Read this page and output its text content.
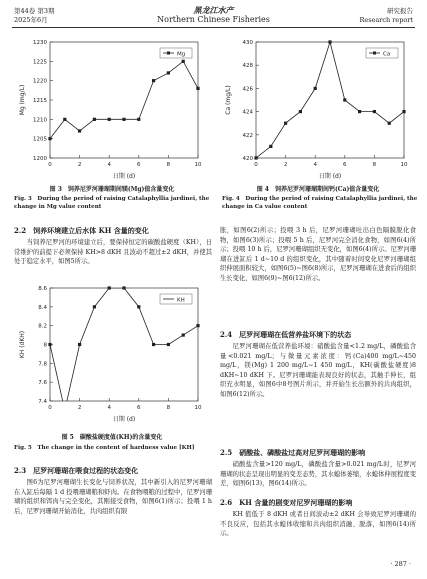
第44卷 第3期
2025年6月
黑龙江水产
Northern Chinese Fisheries
研究报告
Research report
1200
1205
1210
1215
1220
1225
1230
0	2	4	6	8	10
日期 (d)
Mg (mg/L)
Mg
图 3　饲养尼罗河珊瑚期间镁(Mg)值含量变化
Fig. 3　During the period of raising Catalaphyllia jardinei, the change in Mg value content
420
422
424
426
428
430
0	2	4	6	8	10
日期 (d)
Ca (mg/L)
Ca
图 4　饲养尼罗河珊瑚期间钙(Ca)值含量变化
Fig. 4　During the period of raising Catalaphyllia jardinei, the change in Ca value content
2.2　饲养环境建立后水体 KH 含量的变化

当饲养尼罗河的环境建立后，要保持恒定的碳酸盐硬度（KH），日常维护的前提下必须保持 KH>8 dKH 且波动不超过±2 dKH，并使其处于稳定水平，如图5所示。

7.4
7.6
7.8
8
8.2
8.4
8.6
0	2	4	6	8	10
日期 (d)
KH (dKH)
KH
图 5　碳酸盐硬度值(KH)的含量变化
Fig. 5　The change in the content of hardness value [KH]
2.3　尼罗河珊瑚在喂食过程的状态变化

图6为尼罗河珊瑚生长变化与饲养状况，其中新引入的尼罗河珊瑚在入缸后每隔 1 d 投喂珊瑚粮和虾肉。在食物喂粮的过程中，尼罗河珊瑚的组织和饵肉与完全变化，其刚接受食物，如图6(1)所示；投喂 1 h 后，尼罗河珊瑚开始消化，共肉组织有限

胀，如图6(2)所示；投喂 3 h 后，尼罗河珊瑚吐出白色隔膜脱化食物，如图6(3)所示；投喂 5 h 后，尼罗河完全消化食物，如图6(4)所示；投喂 10 h 后，尼罗河珊瑚组织无变化，如图6(4)所示。尼罗河珊瑚在进缸后 1 d~10 d 的组织变化，其中随着时间变化尼罗河珊瑚组织伸展面积较大，如图6(5)~图6(8)所示，尼罗河珊瑚在进食后的组织生长变化，如图6(9)~图6(12)所示。

2.4　尼罗河珊瑚在低营养盐环境下的状态

尼罗河珊瑚在低营养盐环境：硝酸盐含量<1.2 mg/L，磷酸盐含量<0.021 mg/L；与微量元素浓度：钙(Ca)400 mg/L~450 mg/L，镁(Mg) 1 200 mg/L~1 450 mg/L，KH(碳酸盐硬度)8 dKH~10 dKH 下。尼罗河珊瑚能表现良好的状态，其触手伸长，组织充水明显，如图6中8号图片所示，并开始生长出额外的共肉组织，如图6(12)所示。

2.5　硝酸盐、磷酸盐过高对尼罗河珊瑚的影响

硝酸盐含量>120 mg/L，磷酸盐含量>0.021 mg/L时，尼罗河珊瑚的状态呈现出明显的变差态势，其水螅体萎缩，水螅体伸展程度变差，如图6(13)，图6(14)所示。

2.6　KH 含量的剧变对尼罗河珊瑚的影响

KH 值低于 8 dKH 或者日间波动±2 dKH 会导致尼罗河珊瑚的不良反应，包括其水螅体收缩和共肉组织消融、脱落，如图6(14)所示。

· 287 ·
